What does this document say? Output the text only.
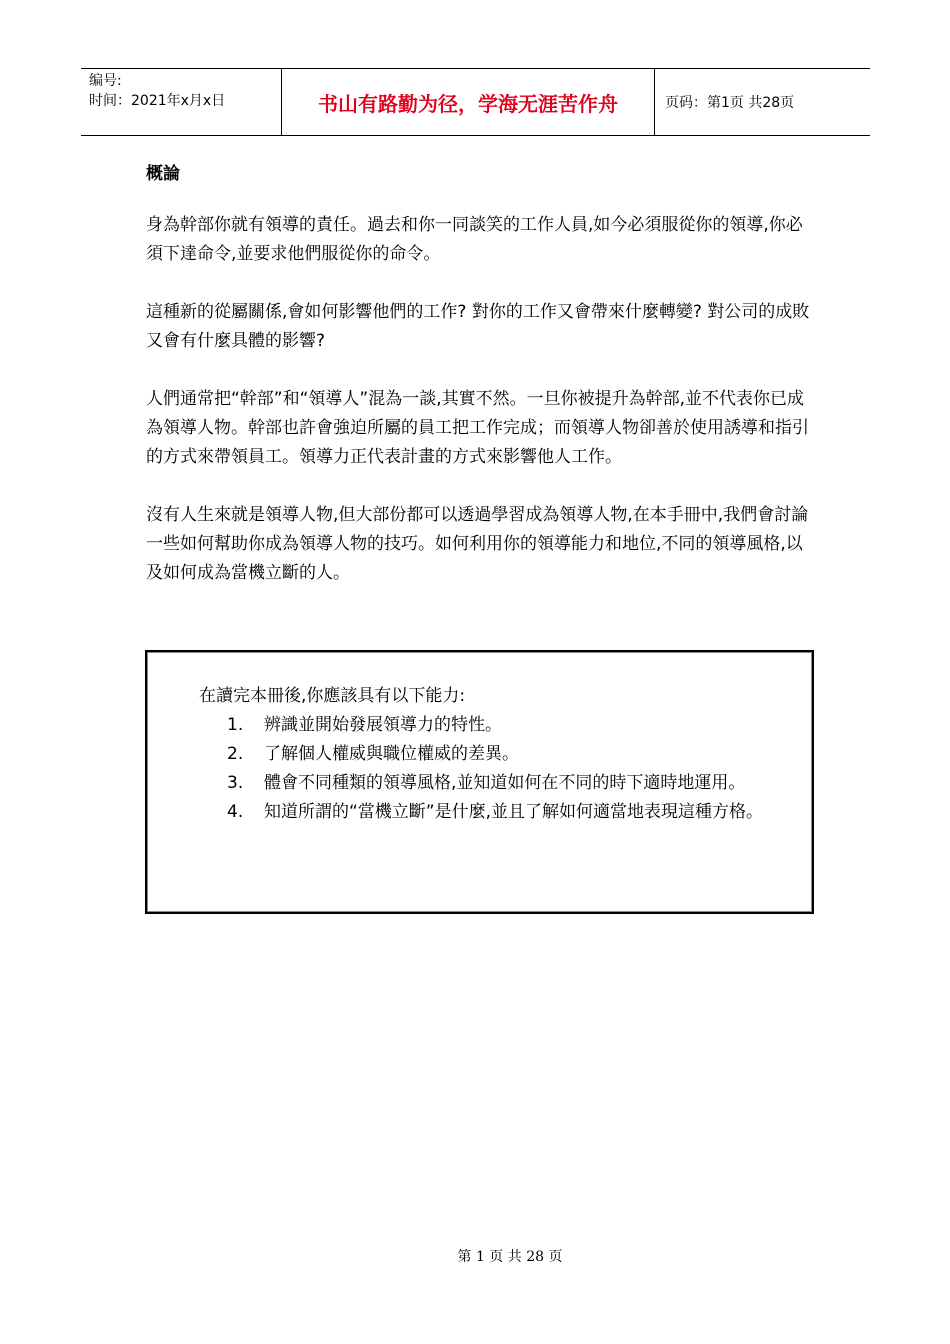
编号:
时间：2021年x月x日	书山有路勤为径，学海无涯苦作舟	页码：第1页 共28页
概論

身為幹部你就有領導的責任。過去和你一同談笑的工作人員,如今必須服從你的領導,你必須下達命令,並要求他們服從你的命令。

這種新的從屬關係,會如何影響他們的工作? 對你的工作又會帶來什麼轉變? 對公司的成敗又會有什麼具體的影響?

人們通常把“幹部”和“領導人”混為一談,其實不然。一旦你被提升為幹部,並不代表你已成為領導人物。幹部也許會強迫所屬的員工把工作完成；而領導人物卻善於使用誘導和指引的方式來帶領員工。領導力正代表計畫的方式來影響他人工作。

沒有人生來就是領導人物,但大部份都可以透過學習成為領導人物,在本手冊中,我們會討論一些如何幫助你成為領導人物的技巧。如何利用你的領導能力和地位,不同的領導風格,以及如何成為當機立斷的人。

在讀完本冊後,你應該具有以下能力:
1.	辨識並開始發展領導力的特性。
2.	了解個人權威與職位權威的差異。
3.	體會不同種類的領導風格,並知道如何在不同的時下適時地運用。
4.	知道所謂的“當機立斷”是什麼,並且了解如何適當地表現這種方格。
第 1 页 共 28 页
